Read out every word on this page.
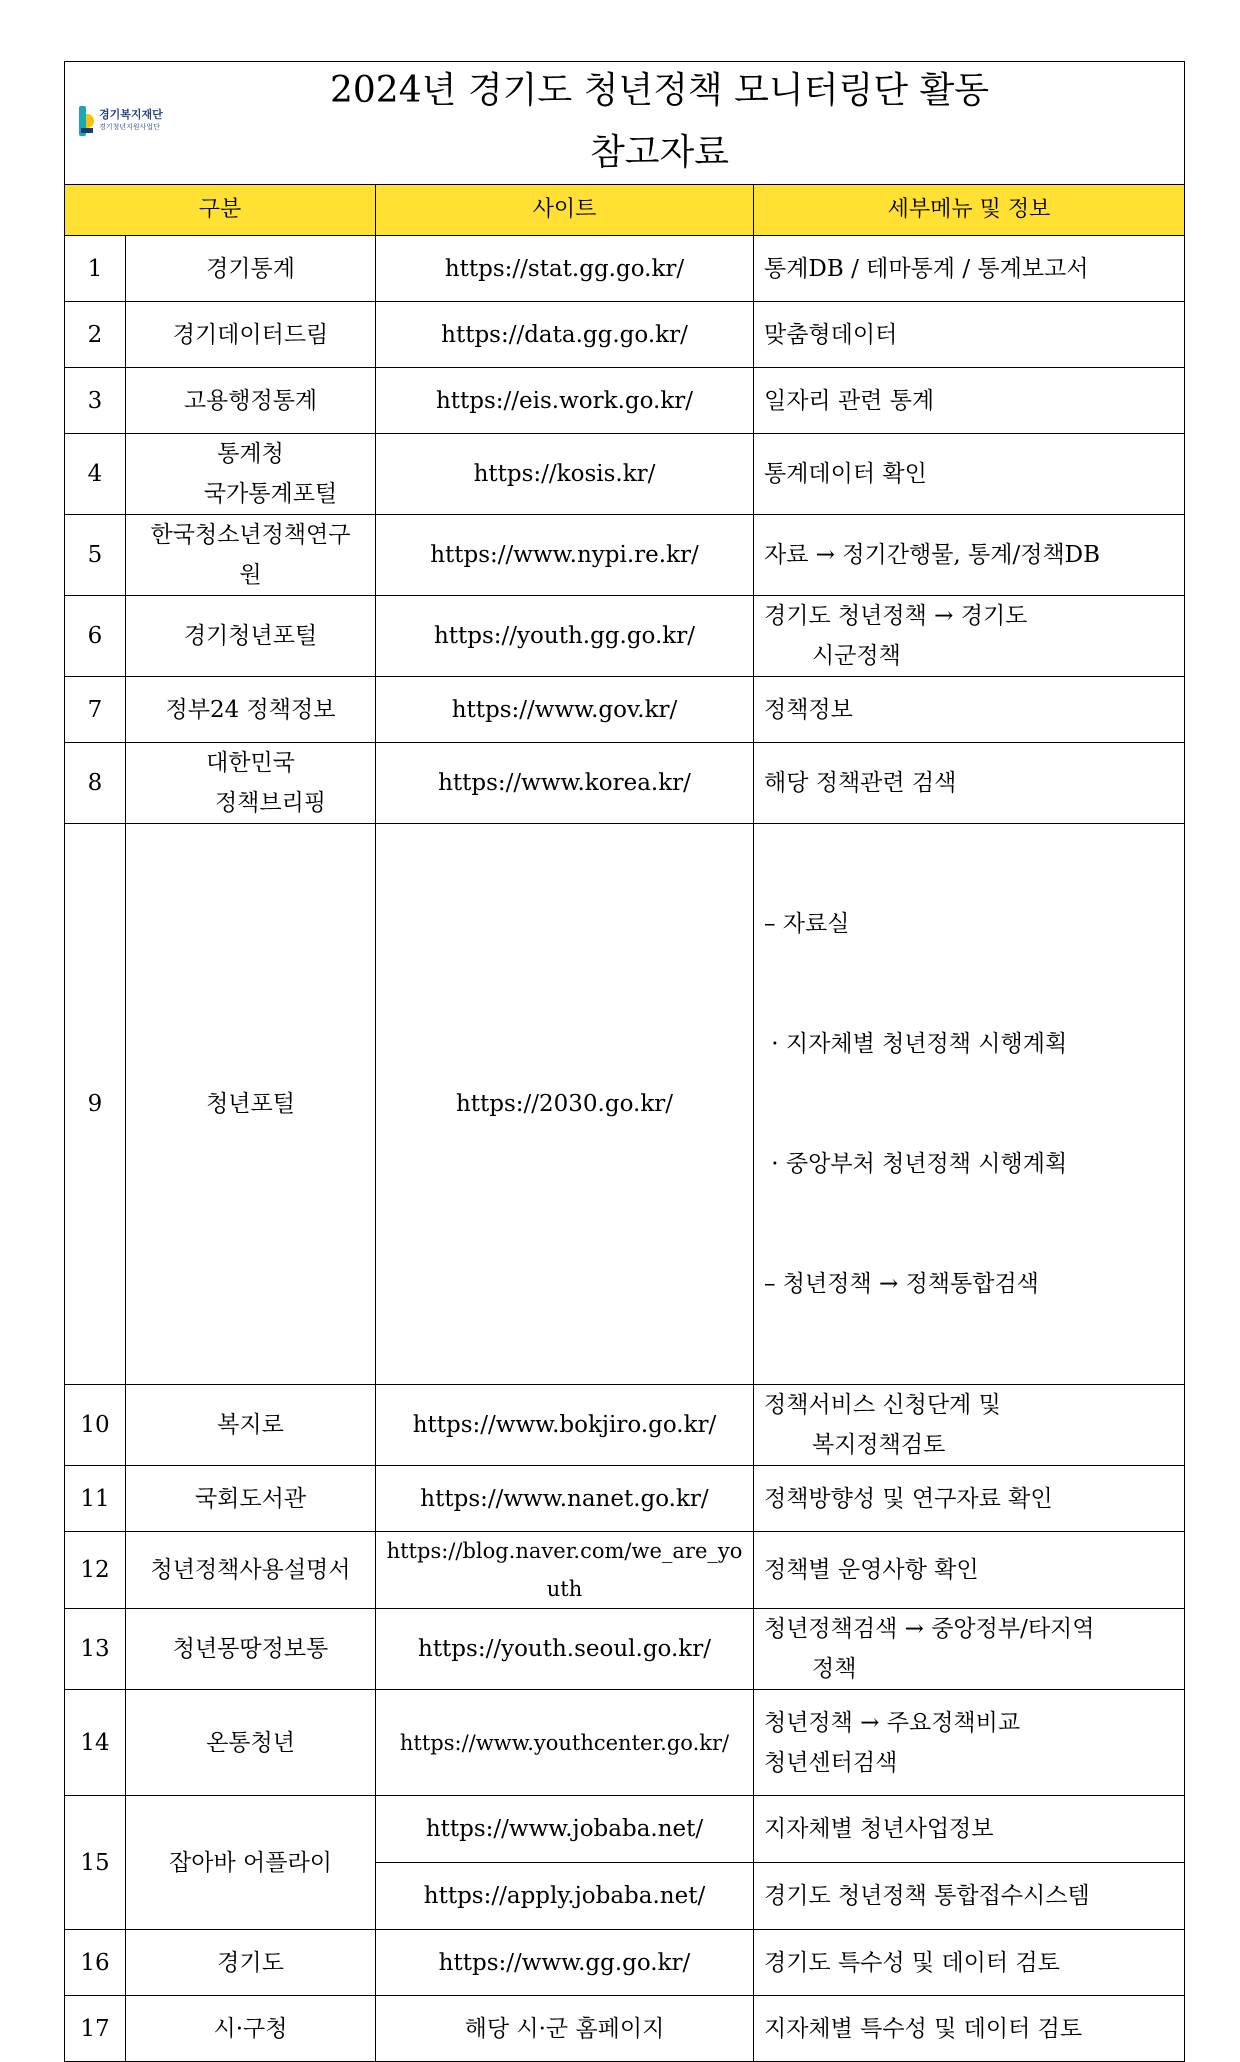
경기복지재단
경기청년지원사업단
2024년 경기도 청년정책 모니터링단 활동
참고자료			

구분		사이트	세부메뉴 및 정보
1	경기통계	https://stat.gg.go.kr/	통계DB / 테마통계 / 통계보고서
2	경기데이터드림	https://data.gg.go.kr/	맞춤형데이터
3	고용행정통계	https://eis.work.go.kr/	일자리 관련 통계
4	통계청
국가통계포털	https://kosis.kr/	통계데이터 확인
5	한국청소년정책연구
원	https://www.nypi.re.kr/	자료 → 정기간행물, 통계/정책DB
6	경기청년포털	https://youth.gg.go.kr/	경기도 청년정책 → 경기도
시군정책

7	정부24 정책정보	https://www.gov.kr/	정책정보
8	대한민국
정책브리핑	https://www.korea.kr/	해당 정책관련 검색
9	청년포털	https://2030.go.kr/	– 자료실

· 지자체별 청년정책 시행계획

· 중앙부처 청년정책 시행계획

– 청년정책 → 정책통합검색

10	복지로	https://www.bokjiro.go.kr/	정책서비스 신청단계 및
복지정책검토

11	국회도서관	https://www.nanet.go.kr/	정책방향성 및 연구자료 확인
12	청년정책사용설명서	https://blog.naver.com/we_are_youth	정책별 운영사항 확인
13	청년몽땅정보통	https://youth.seoul.go.kr/	청년정책검색 → 중앙정부/타지역
정책

14	온통청년	https://www.youthcenter.go.kr/	청년정책 → 주요정책비교
청년센터검색

15	잡아바 어플라이	https://www.jobaba.net/	지자체별 청년사업정보
		https://apply.jobaba.net/	경기도 청년정책 통합접수시스템
16	경기도	https://www.gg.go.kr/	경기도 특수성 및 데이터 검토
17	시·구청	해당 시·군 홈페이지	지자체별 특수성 및 데이터 검토
